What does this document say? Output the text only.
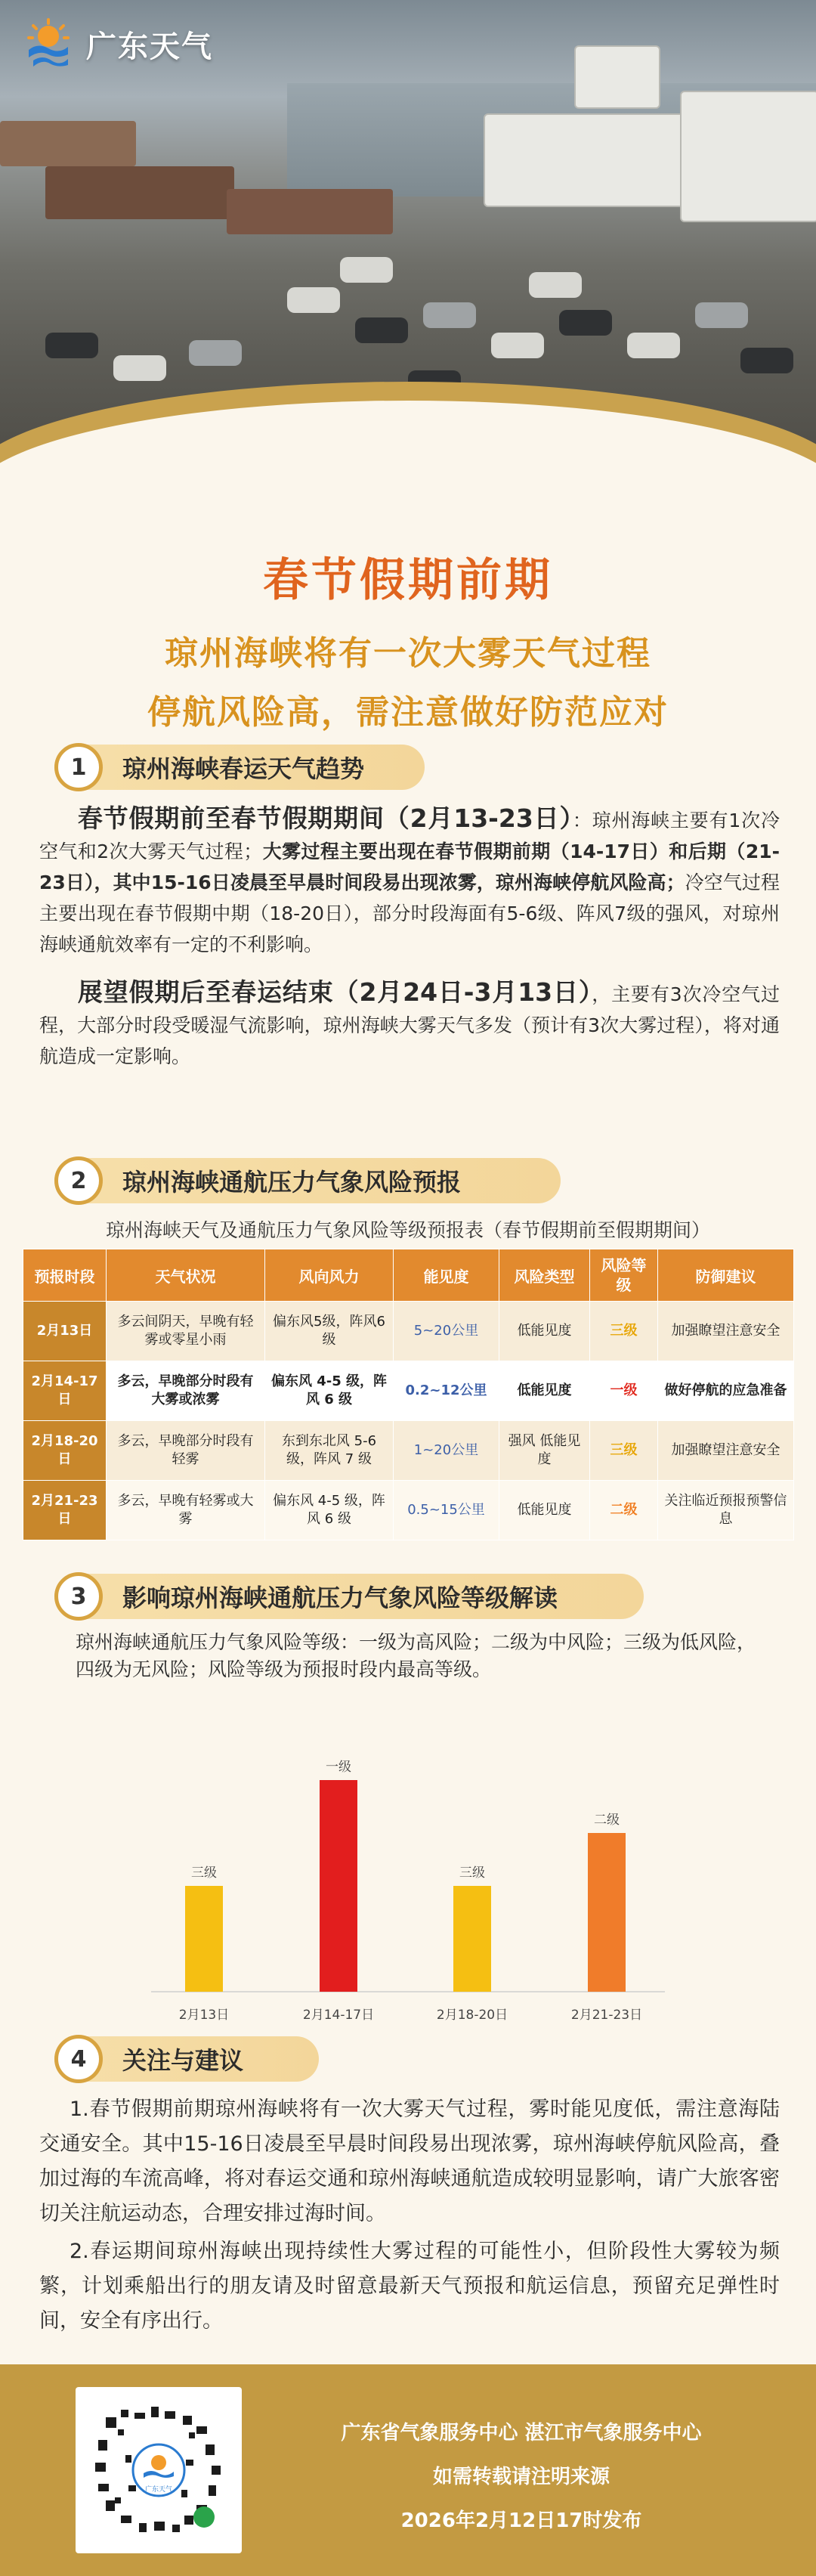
广东天气
春节假期前期
琼州海峡将有一次大雾天气过程
停航风险高，需注意做好防范应对
1	琼州海峡春运天气趋势
春节假期前至春节假期期间（2月13-23日）：琼州海峡主要有1次冷空气和2次大雾天气过程；大雾过程主要出现在春节假期前期（14-17日）和后期（21-23日），其中15-16日凌晨至早晨时间段易出现浓雾，琼州海峡停航风险高；冷空气过程主要出现在春节假期中期（18-20日），部分时段海面有5-6级、阵风7级的强风，对琼州海峡通航效率有一定的不利影响。
展望假期后至春运结束（2月24日-3月13日），主要有3次冷空气过程，大部分时段受暖湿气流影响，琼州海峡大雾天气多发（预计有3次大雾过程），将对通航造成一定影响。
2	琼州海峡通航压力气象风险预报
琼州海峡天气及通航压力气象风险等级预报表（春节假期前至假期期间）
预报时段	天气状况	风向风力	能见度	风险类型	风险等级	防御建议
2月13日	多云间阴天，早晚有轻雾或零星小雨	偏东风5级，阵风6级	5~20公里	低能见度	三级	加强瞭望注意安全
2月14-17日	多云，早晚部分时段有大雾或浓雾	偏东风 4-5 级，阵风 6 级	0.2~12公里	低能见度	一级	做好停航的应急准备
2月18-20日	多云，早晚部分时段有轻雾	东到东北风 5-6 级，阵风 7 级	1~20公里	强风 低能见度	三级	加强瞭望注意安全
2月21-23日	多云，早晚有轻雾或大雾	偏东风 4-5 级，阵风 6 级	0.5~15公里	低能见度	二级	关注临近预报预警信息
3	影响琼州海峡通航压力气象风险等级解读
琼州海峡通航压力气象风险等级：一级为高风险；二级为中风险；三级为低风险，四级为无风险；风险等级为预报时段内最高等级。
三级
2月13日
一级
2月14-17日
三级
2月18-20日
二级
2月21-23日
4	关注与建议
1.春节假期前期琼州海峡将有一次大雾天气过程，雾时能见度低，需注意海陆交通安全。其中15-16日凌晨至早晨时间段易出现浓雾，琼州海峡停航风险高，叠加过海的车流高峰，将对春运交通和琼州海峡通航造成较明显影响，请广大旅客密切关注航运动态，合理安排过海时间。
2.春运期间琼州海峡出现持续性大雾过程的可能性小，但阶段性大雾较为频繁，计划乘船出行的朋友请及时留意最新天气预报和航运信息，预留充足弹性时间，安全有序出行。
广东天气
广东省气象服务中心 湛江市气象服务中心
如需转载请注明来源
2026年2月12日17时发布
